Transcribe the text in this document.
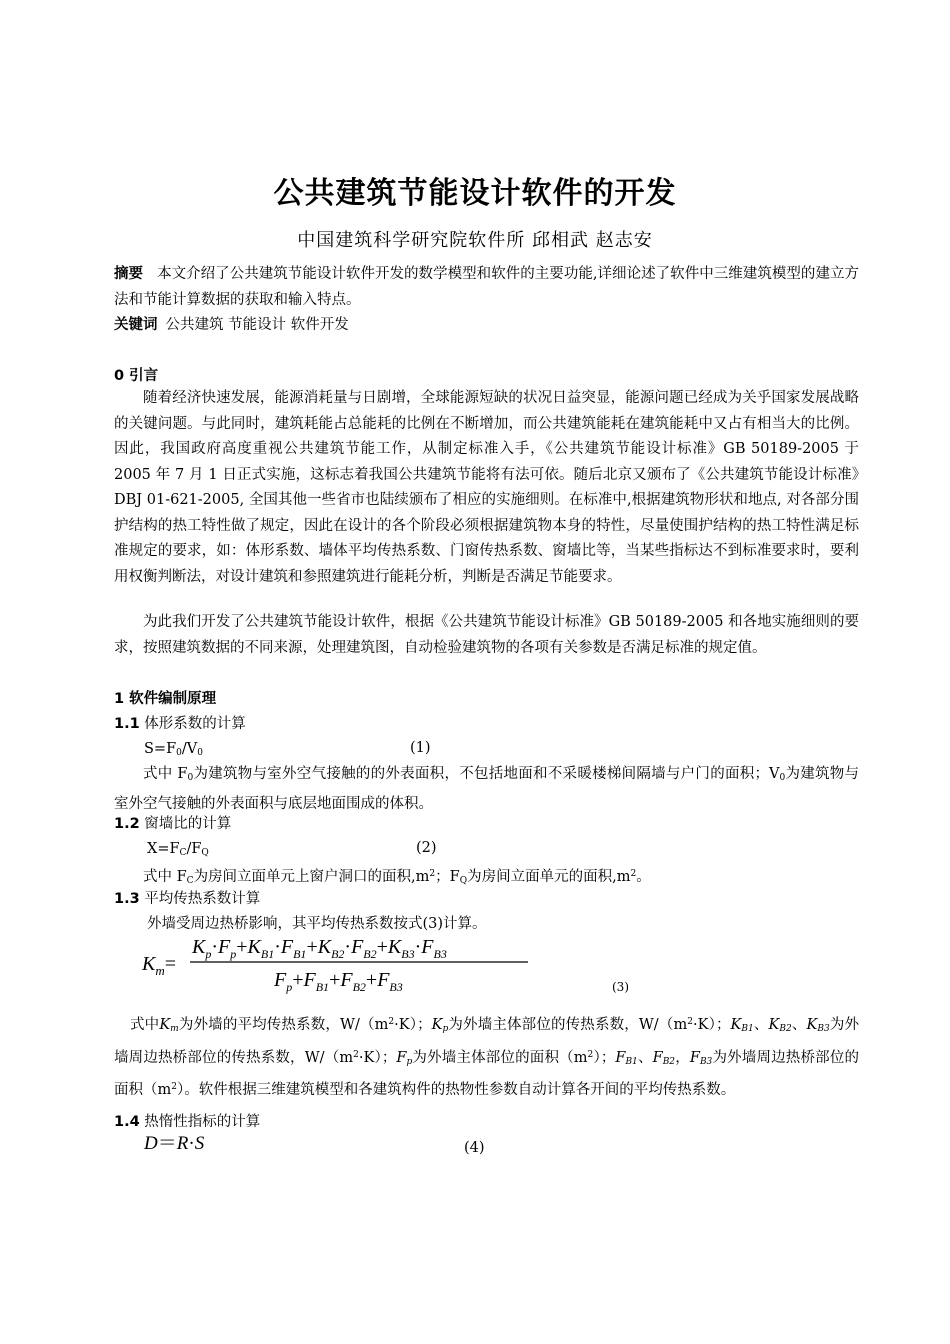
公共建筑节能设计软件的开发
中国建筑科学研究院软件所 邱相武 赵志安
摘要 本文介绍了公共建筑节能设计软件开发的数学模型和软件的主要功能,详细论述了软件中三维建筑模型的建立方法和节能计算数据的获取和输入特点。
关键词 公共建筑 节能设计 软件开发
0 引言
随着经济快速发展，能源消耗量与日剧增，全球能源短缺的状况日益突显，能源问题已经成为关乎国家发展战略的关键问题。与此同时，建筑耗能占总能耗的比例在不断增加，而公共建筑能耗在建筑能耗中又占有相当大的比例。因此，我国政府高度重视公共建筑节能工作，从制定标准入手，《公共建筑节能设计标准》GB 50189-2005 于 2005 年 7 月 1 日正式实施，这标志着我国公共建筑节能将有法可依。随后北京又颁布了《公共建筑节能设计标准》DBJ 01-621-2005, 全国其他一些省市也陆续颁布了相应的实施细则。在标准中,根据建筑物形状和地点, 对各部分围护结构的热工特性做了规定，因此在设计的各个阶段必须根据建筑物本身的特性，尽量使围护结构的热工特性满足标准规定的要求，如：体形系数、墙体平均传热系数、门窗传热系数、窗墙比等，当某些指标达不到标准要求时，要利用权衡判断法，对设计建筑和参照建筑进行能耗分析，判断是否满足节能要求。
为此我们开发了公共建筑节能设计软件，根据《公共建筑节能设计标准》GB 50189-2005 和各地实施细则的要求，按照建筑数据的不同来源，处理建筑图，自动检验建筑物的各项有关参数是否满足标准的规定值。
1 软件编制原理
1.1 体形系数的计算
$S=F_0/V_0$	(1)
式中 $F_0$为建筑物与室外空气接触的的外表面积，不包括地面和不采暖楼梯间隔墙与户门的面积；$V_0$为建筑物与室外空气接触的外表面积与底层地面围成的体积。
1.2 窗墙比的计算
$X=F_C/F_Q$	(2)
式中 $F_C$为房间立面单元上窗户洞口的面积$,m^2$；$F_Q$为房间立面单元的面积$,m^2$。
1.3 平均传热系数计算
外墙受周边热桥影响，其平均传热系数按式(3)计算。
$K_m=$
$K_p\cdot F_p+K_{B1}\cdot F_{B1}+K_{B2}\cdot F_{B2}+K_{B3}\cdot F_{B3}$
$F_p+F_{B1}+F_{B2}+F_{B3}$	(3)
式中$K_m$为外墙的平均传热系数，$W/(m^2\cdot K)$；$K_p$为外墙主体部位的传热系数，$W/(m^2\cdot K)$；$K_{B1}$、$K_{B2}$、$K_{B3}$为外墙周边热桥部位的传热系数，$W/(m^2\cdot K)$；$F_p$为外墙主体部位的面积$(m^2)$；$F_{B1}$、$F_{B2}$，$F_{B3}$为外墙周边热桥部位的面积$(m^2)$。软件根据三维建筑模型和各建筑构件的热物性参数自动计算各开间的平均传热系数。
1.4 热惰性指标的计算
D＝R·S	(4)
